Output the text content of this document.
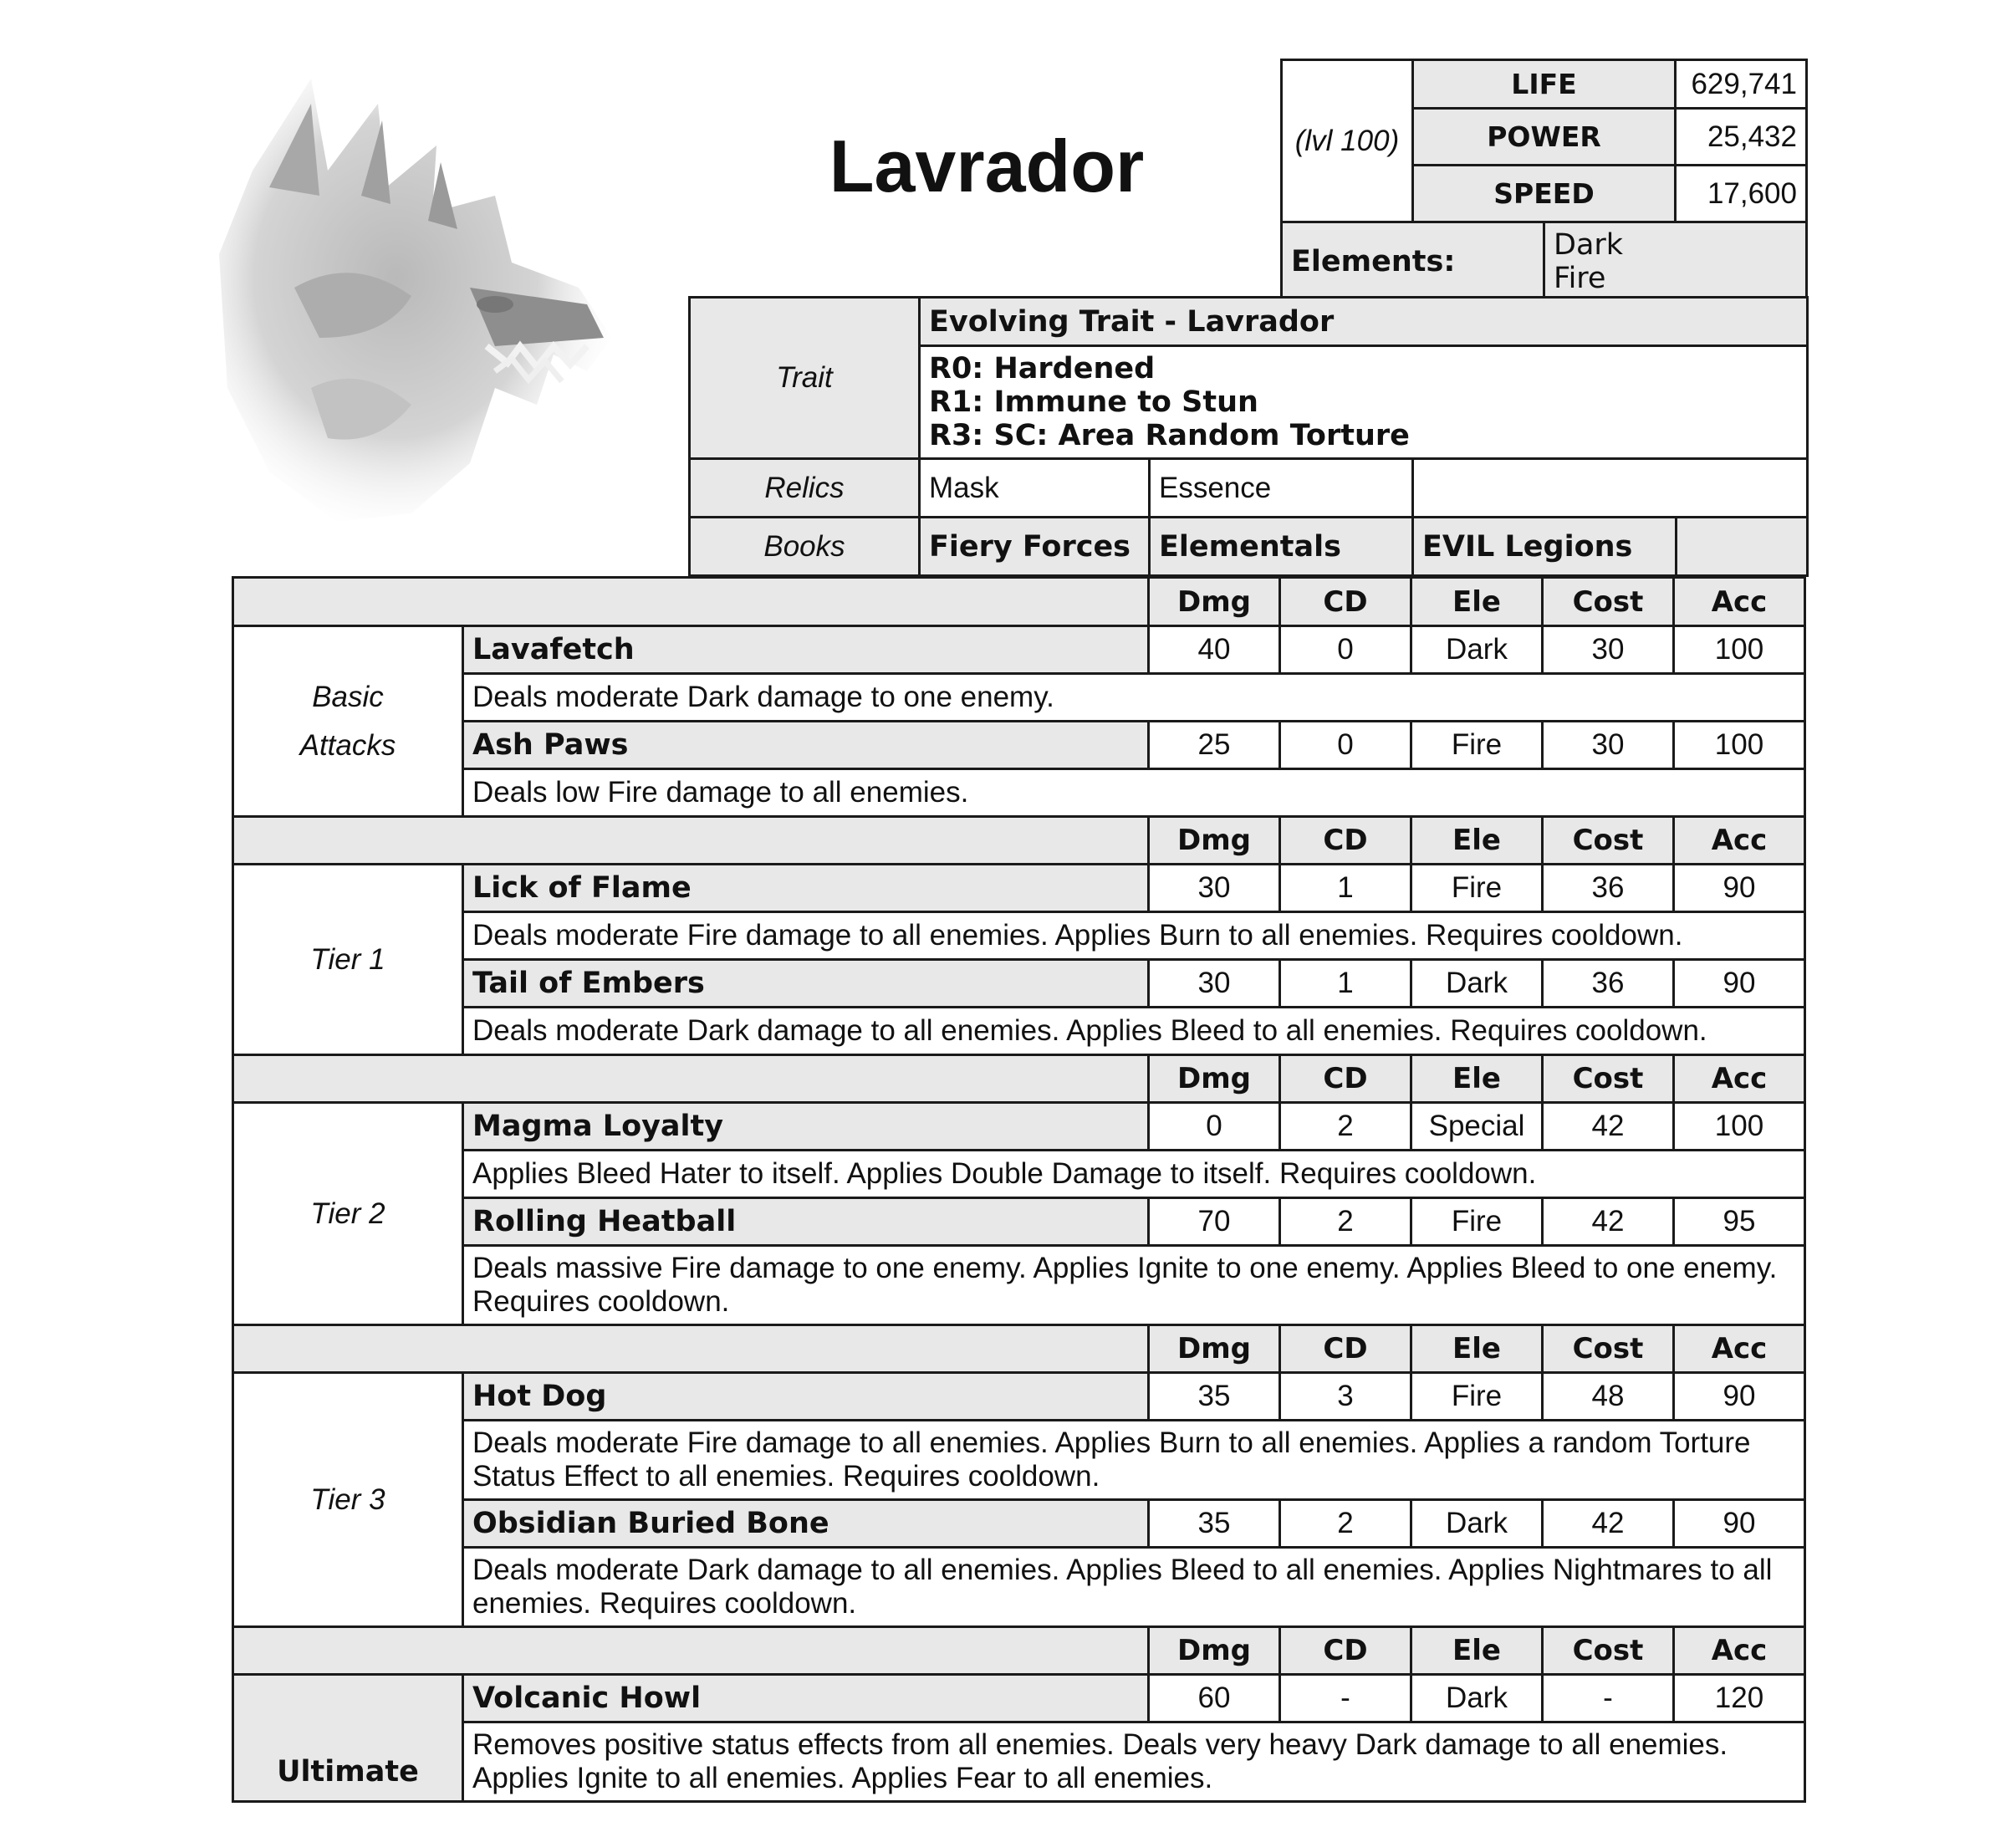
Lavrador	(lvl 100)	LIFE		629,741
	POWER		25,432
	SPEED		17,600
Elements:		Dark
Fire	
Trait	Evolving Trait - Lavrador			

	R0: Hardened
R1: Immune to Stun
R3: SC: Area Random Torture			

Relics	Mask	Essence		
Books	Fiery Forces	Elementals	EVIL Legions	
		Dmg	CD	Ele	Cost	Acc

Basic Attacks	Lavafetch	40	0	Dark	30	100
	Deals moderate Dark damage to one enemy.					
	Ash Paws	25	0	Fire	30	100
	Deals low Fire damage to all enemies.					
		Dmg	CD	Ele	Cost	Acc
Tier 1	Lick of Flame	30	1	Fire	36	90
	Deals moderate Fire damage to all enemies. Applies Burn to all enemies. Requires cooldown.					
	Tail of Embers	30	1	Dark	36	90
	Deals moderate Dark damage to all enemies. Applies Bleed to all enemies. Requires cooldown.					
		Dmg	CD	Ele	Cost	Acc
Tier 2	Magma Loyalty	0	2	Special	42	100
	Applies Bleed Hater to itself. Applies Double Damage to itself. Requires cooldown.					
	Rolling Heatball	70	2	Fire	42	95
	Deals massive Fire damage to one enemy. Applies Ignite to one enemy. Applies Bleed to one enemy. Requires cooldown.					
		Dmg	CD	Ele	Cost	Acc
Tier 3	Hot Dog	35	3	Fire	48	90
	Deals moderate Fire damage to all enemies. Applies Burn to all enemies. Applies a random Torture Status Effect to all enemies. Requires cooldown.					
	Obsidian Buried Bone	35	2	Dark	42	90
	Deals moderate Dark damage to all enemies. Applies Bleed to all enemies. Applies Nightmares to all enemies. Requires cooldown.					
		Dmg	CD	Ele	Cost	Acc
Ultimate	Volcanic Howl	60	-	Dark	-	120
	Removes positive status effects from all enemies. Deals very heavy Dark damage to all enemies. Applies Ignite to all enemies. Applies Fear to all enemies.					
